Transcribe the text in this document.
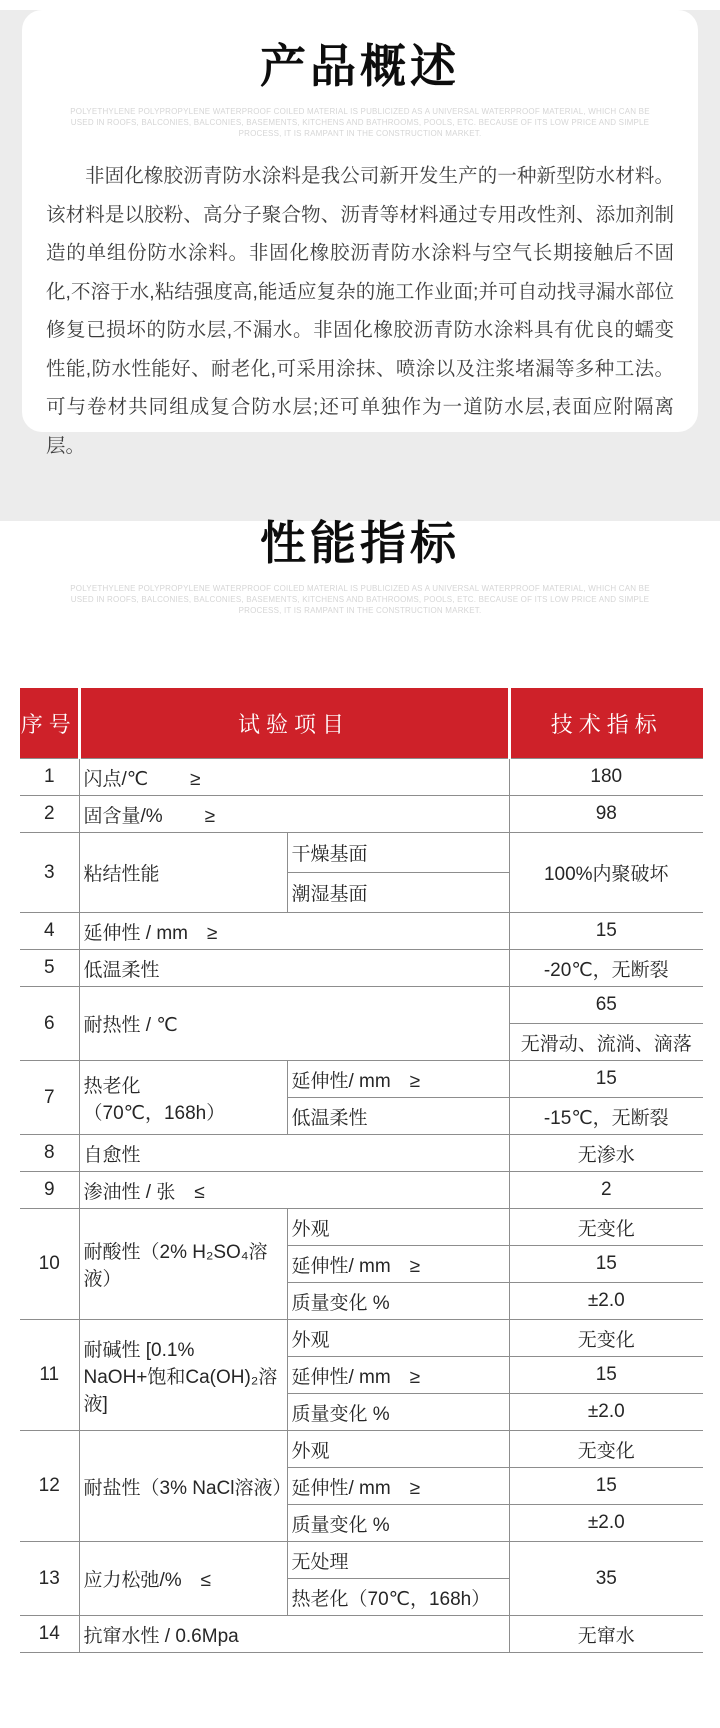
产品概述

POLYETHYLENE POLYPROPYLENE WATERPROOF COILED MATERIAL IS PUBLICIZED AS A UNIVERSAL WATERPROOF MATERIAL, WHICH CAN BE USED IN ROOFS, BALCONIES, BALCONIES, BASEMENTS, KITCHENS AND BATHROOMS, POOLS, ETC. BECAUSE OF ITS LOW PRICE AND SIMPLE PROCESS, IT IS RAMPANT IN THE CONSTRUCTION MARKET.

非固化橡胶沥青防水涂料是我公司新开发生产的一种新型防水材料。该材料是以胶粉、高分子聚合物、沥青等材料通过专用改性剂、添加剂制造的单组份防水涂料。非固化橡胶沥青防水涂料与空气长期接触后不固化,不溶于水,粘结强度高,能适应复杂的施工作业面;并可自动找寻漏水部位修复已损坏的防水层,不漏水。非固化橡胶沥青防水涂料具有优良的蠕变性能,防水性能好、耐老化,可采用涂抹、喷涂以及注浆堵漏等多种工法。可与卷材共同组成复合防水层;还可单独作为一道防水层,表面应附隔离层。

性能指标

POLYETHYLENE POLYPROPYLENE WATERPROOF COILED MATERIAL IS PUBLICIZED AS A UNIVERSAL WATERPROOF MATERIAL, WHICH CAN BE USED IN ROOFS, BALCONIES, BALCONIES, BASEMENTS, KITCHENS AND BATHROOMS, POOLS, ETC. BECAUSE OF ITS LOW PRICE AND SIMPLE PROCESS, IT IS RAMPANT IN THE CONSTRUCTION MARKET.

序号	试验项目		技术指标
1	闪点/℃ ≥		180
2	固含量/% ≥		98
3	粘结性能	干燥基面	100%内聚破坏
		潮湿基面	
4	延伸性 / mm　≥		15
5	低温柔性		-20℃，无断裂
6	耐热性 / ℃		65
			无滑动、流淌、滴落
7	热老化
（70℃，168h）	延伸性/ mm　≥	15
		低温柔性	-15℃，无断裂
8	自愈性		无渗水
9	渗油性 / 张　≤		2
10	耐酸性（2% H₂SO₄溶液）	外观	无变化
		延伸性/ mm　≥	15
		质量变化 %	±2.0
11	耐碱性 [0.1% NaOH+饱和Ca(OH)₂溶液]	外观	无变化
		延伸性/ mm　≥	15
		质量变化 %	±2.0
12	耐盐性（3% NaCl溶液）	外观	无变化
		延伸性/ mm　≥	15
		质量变化 %	±2.0
13	应力松弛/%　≤	无处理	35
		热老化（70℃，168h）	
14	抗窜水性 / 0.6Mpa		无窜水
